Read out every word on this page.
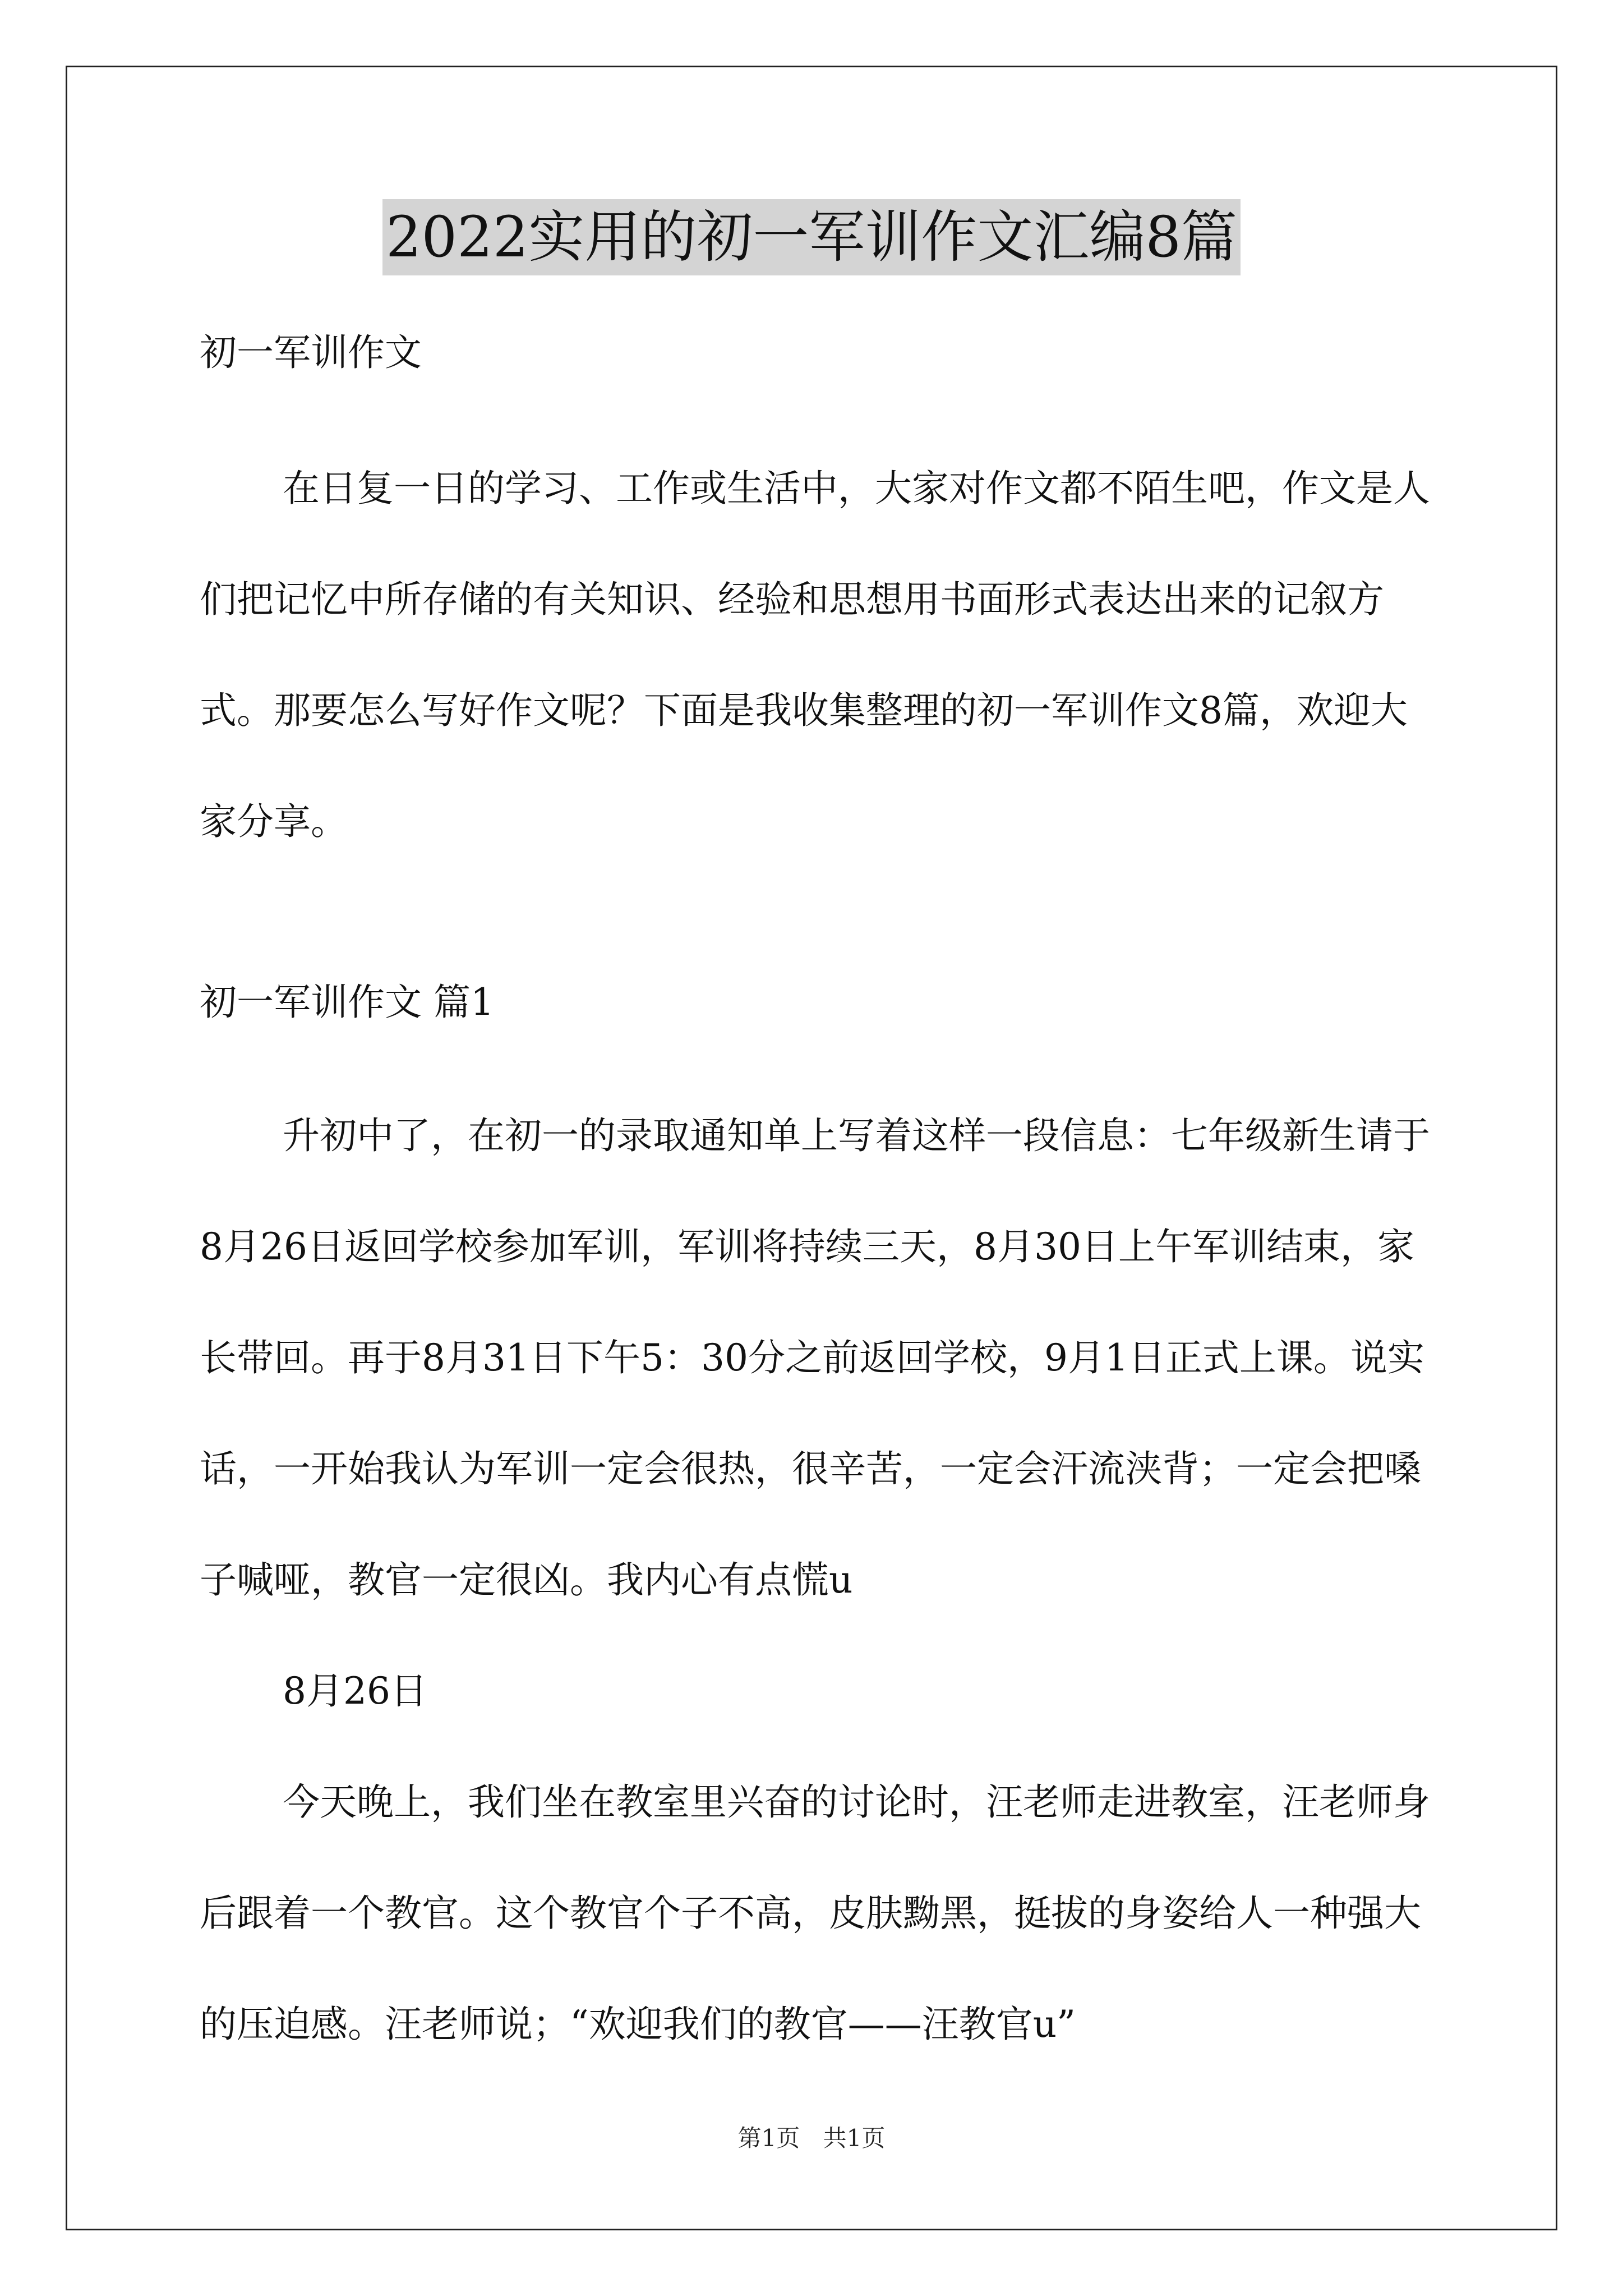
2022实用的初一军训作文汇编8篇

初一军训作文

在日复一日的学习、工作或生活中，大家对作文都不陌生吧，作文是人们把记忆中所存储的有关知识、经验和思想用书面形式表达出来的记叙方式。那要怎么写好作文呢？下面是我收集整理的初一军训作文8篇，欢迎大家分享。

初一军训作文 篇1

升初中了，在初一的录取通知单上写着这样一段信息：七年级新生请于8月26日返回学校参加军训，军训将持续三天，8月30日上午军训结束，家长带回。再于8月31日下午5：30分之前返回学校，9月1日正式上课。说实话，一开始我认为军训一定会很热，很辛苦，一定会汗流浃背；一定会把嗓子喊哑，教官一定很凶。我内心有点慌u

8月26日

今天晚上，我们坐在教室里兴奋的讨论时，汪老师走进教室，汪老师身后跟着一个教官。这个教官个子不高，皮肤黝黑，挺拔的身姿给人一种强大的压迫感。汪老师说；“欢迎我们的教官——汪教官u”

第1页 共1页
